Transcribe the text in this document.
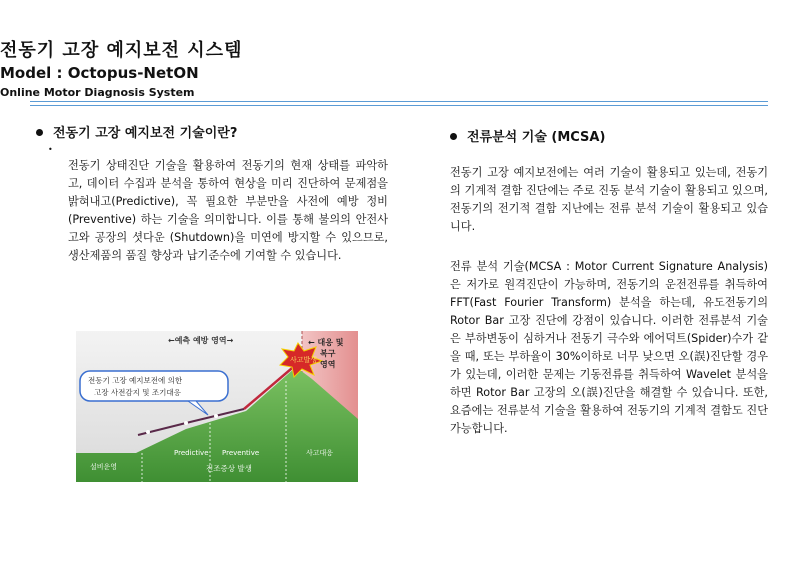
전동기 고장 예지보전 시스템
Model : Octopus-NetON
Online Motor Diagnosis System
전동기 고장 예지보전 기술이란?
•
전동기 상태진단 기술을 활용하여 전동기의 현재 상태를 파악하고, 데이터 수집과 분석을 통하여 현상을 미리 진단하여 문제점을 밝혀내고(Predictive), 꼭 필요한 부분만을 사전에 예방 정비 (Preventive) 하는 기술을 의미합니다. 이를 통해 불의의 안전사고와 공장의 셧다운 (Shutdown)을 미연에 방지할 수 있으므로, 생산제품의 품질 향상과 납기준수에 기여할 수 있습니다.
사고발생
←예측 예방 영역→	← 대응 및
복구
영역
전동기 고장 예지보전에 의한
고장 사전감지 및 조기대응
설비운영
Predictive Preventive	사고대응
전조증상 발생
전류분석 기술 (MCSA)
전동기 고장 예지보전에는 여러 기술이 활용되고 있는데, 전동기의 기계적 결함 진단에는 주로 진동 분석 기술이 활용되고 있으며, 전동기의 전기적 결함 지난에는 전류 분석 기술이 활용되고 있습니다.
전류 분석 기술(MCSA : Motor Current Signature Analysis)은 저가로 원격진단이 가능하며, 전동기의 운전전류를 취득하여 FFT(Fast Fourier Transform) 분석을 하는데, 유도전동기의 Rotor Bar 고장 진단에 강점이 있습니다. 이러한 전류분석 기술은 부하변동이 심하거나 전동기 극수와 에어덕트(Spider)수가 같을 때, 또는 부하율이 30%이하로 너무 낮으면 오(誤)진단할 경우가 있는데, 이러한 문제는 기동전류를 취득하여 Wavelet 분석을 하면 Rotor Bar 고장의 오(誤)진단을 해결할 수 있습니다. 또한, 요즘에는 전류분석 기술을 활용하여 전동기의 기계적 결함도 진단 가능합니다.
